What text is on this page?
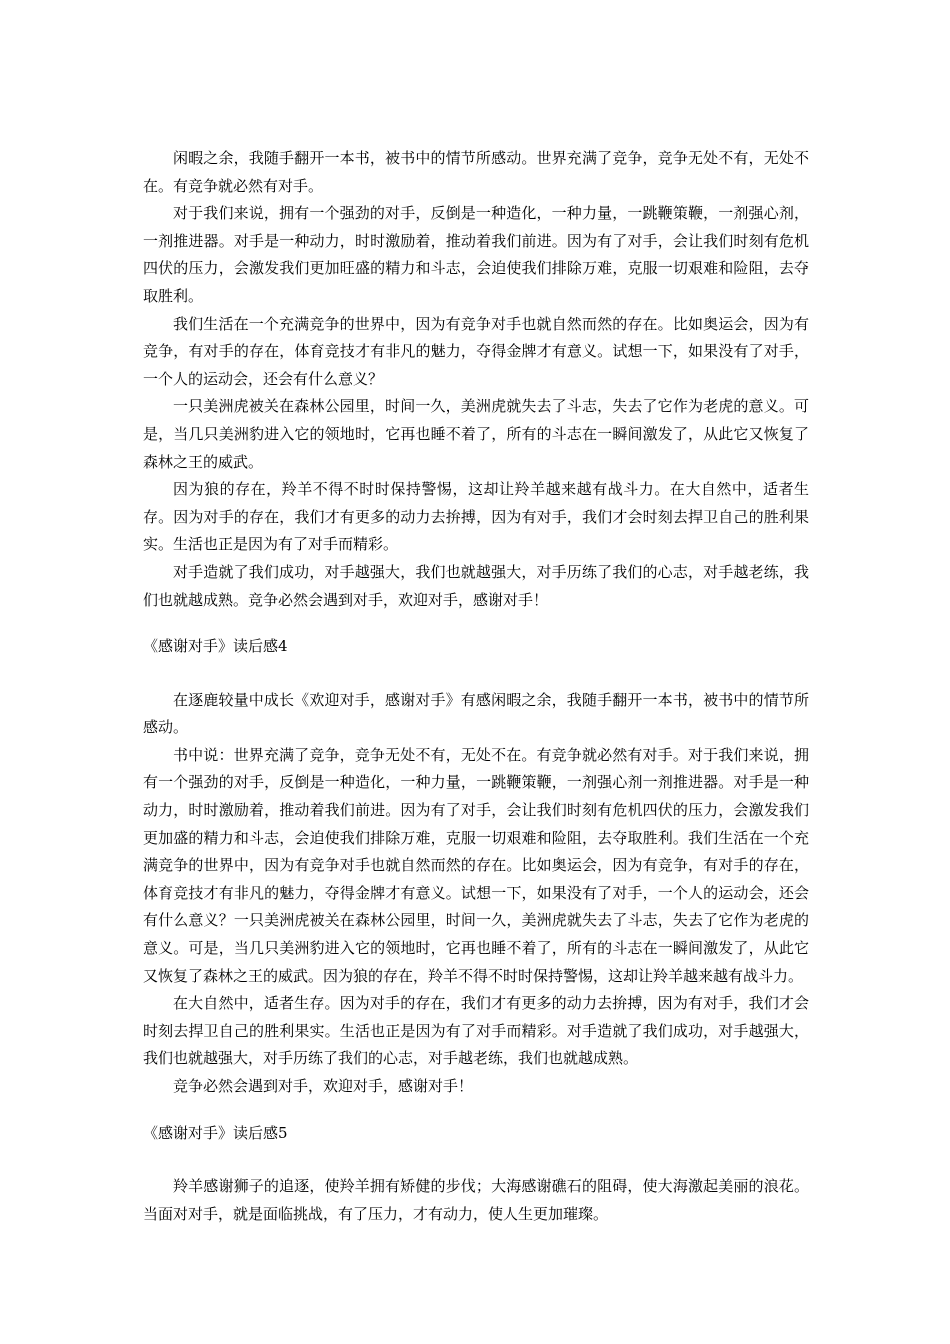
闲暇之余，我随手翻开一本书，被书中的情节所感动。世界充满了竞争，竞争无处不有，无处不在。有竞争就必然有对手。

对于我们来说，拥有一个强劲的对手，反倒是一种造化，一种力量，一跳鞭策鞭，一剂强心剂，一剂推进器。对手是一种动力，时时激励着，推动着我们前进。因为有了对手，会让我们时刻有危机四伏的压力，会激发我们更加旺盛的精力和斗志，会迫使我们排除万难，克服一切艰难和险阻，去夺取胜利。

我们生活在一个充满竞争的世界中，因为有竞争对手也就自然而然的存在。比如奥运会，因为有竞争，有对手的存在，体育竞技才有非凡的魅力，夺得金牌才有意义。试想一下，如果没有了对手，一个人的运动会，还会有什么意义？

一只美洲虎被关在森林公园里，时间一久，美洲虎就失去了斗志，失去了它作为老虎的意义。可是，当几只美洲豹进入它的领地时，它再也睡不着了，所有的斗志在一瞬间激发了，从此它又恢复了森林之王的威武。

因为狼的存在，羚羊不得不时时保持警惕，这却让羚羊越来越有战斗力。在大自然中，适者生存。因为对手的存在，我们才有更多的动力去拚搏，因为有对手，我们才会时刻去捍卫自己的胜利果实。生活也正是因为有了对手而精彩。

对手造就了我们成功，对手越强大，我们也就越强大，对手历练了我们的心志，对手越老练，我们也就越成熟。竞争必然会遇到对手，欢迎对手，感谢对手！

《感谢对手》读后感4

在逐鹿较量中成长《欢迎对手，感谢对手》有感闲暇之余，我随手翻开一本书，被书中的情节所感动。

书中说：世界充满了竞争，竞争无处不有，无处不在。有竞争就必然有对手。对于我们来说，拥有一个强劲的对手，反倒是一种造化，一种力量，一跳鞭策鞭，一剂强心剂一剂推进器。对手是一种动力，时时激励着，推动着我们前进。因为有了对手，会让我们时刻有危机四伏的压力，会激发我们更加盛的精力和斗志，会迫使我们排除万难，克服一切艰难和险阻，去夺取胜利。我们生活在一个充满竞争的世界中，因为有竞争对手也就自然而然的存在。比如奥运会，因为有竞争，有对手的存在，体育竞技才有非凡的魅力，夺得金牌才有意义。试想一下，如果没有了对手，一个人的运动会，还会有什么意义？一只美洲虎被关在森林公园里，时间一久，美洲虎就失去了斗志，失去了它作为老虎的意义。可是，当几只美洲豹进入它的领地时，它再也睡不着了，所有的斗志在一瞬间激发了，从此它又恢复了森林之王的威武。因为狼的存在，羚羊不得不时时保持警惕，这却让羚羊越来越有战斗力。

在大自然中，适者生存。因为对手的存在，我们才有更多的动力去拚搏，因为有对手，我们才会时刻去捍卫自己的胜利果实。生活也正是因为有了对手而精彩。对手造就了我们成功，对手越强大，我们也就越强大，对手历练了我们的心志，对手越老练，我们也就越成熟。

竞争必然会遇到对手，欢迎对手，感谢对手！

《感谢对手》读后感5

羚羊感谢狮子的追逐，使羚羊拥有矫健的步伐；大海感谢礁石的阻碍，使大海激起美丽的浪花。当面对对手，就是面临挑战，有了压力，才有动力，使人生更加璀璨。
